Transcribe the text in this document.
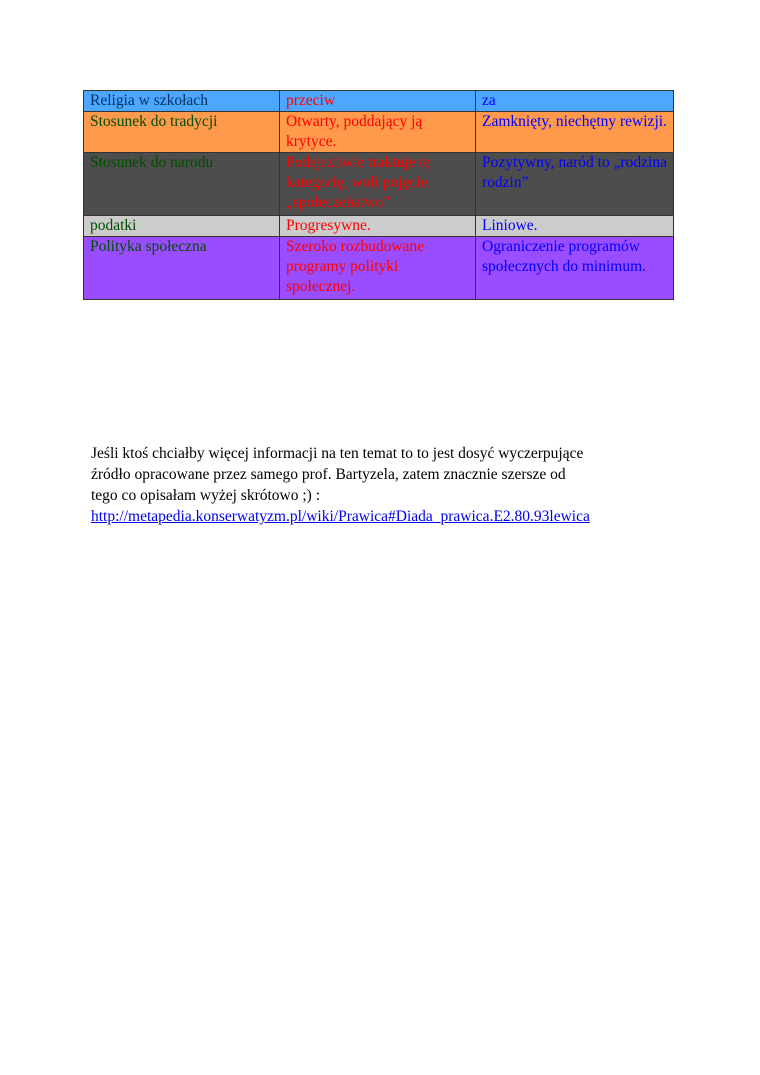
Religia w szkołach	przeciw	za
Stosunek do tradycji	Otwarty, poddający ją krytyce.	Zamknięty, niechętny rewizji.
Stosunek do narodu	Podejrzliwie traktuje tę kategorię, woli pojęcie „społeczeństwo”	Pozytywny, naród to „rodzina rodzin”
podatki	Progresywne.	Liniowe.
Polityka społeczna	Szeroko rozbudowane programy polityki społecznej.	Ograniczenie programów społecznych do minimum.
Jeśli ktoś chciałby więcej informacji na ten temat to to jest dosyć wyczerpujące
źródło opracowane przez samego prof. Bartyzela, zatem znacznie szersze od
tego co opisałam wyżej skrótowo ;) :
http://metapedia.konserwatyzm.pl/wiki/Prawica#Diada_prawica.E2.80.93lewica
